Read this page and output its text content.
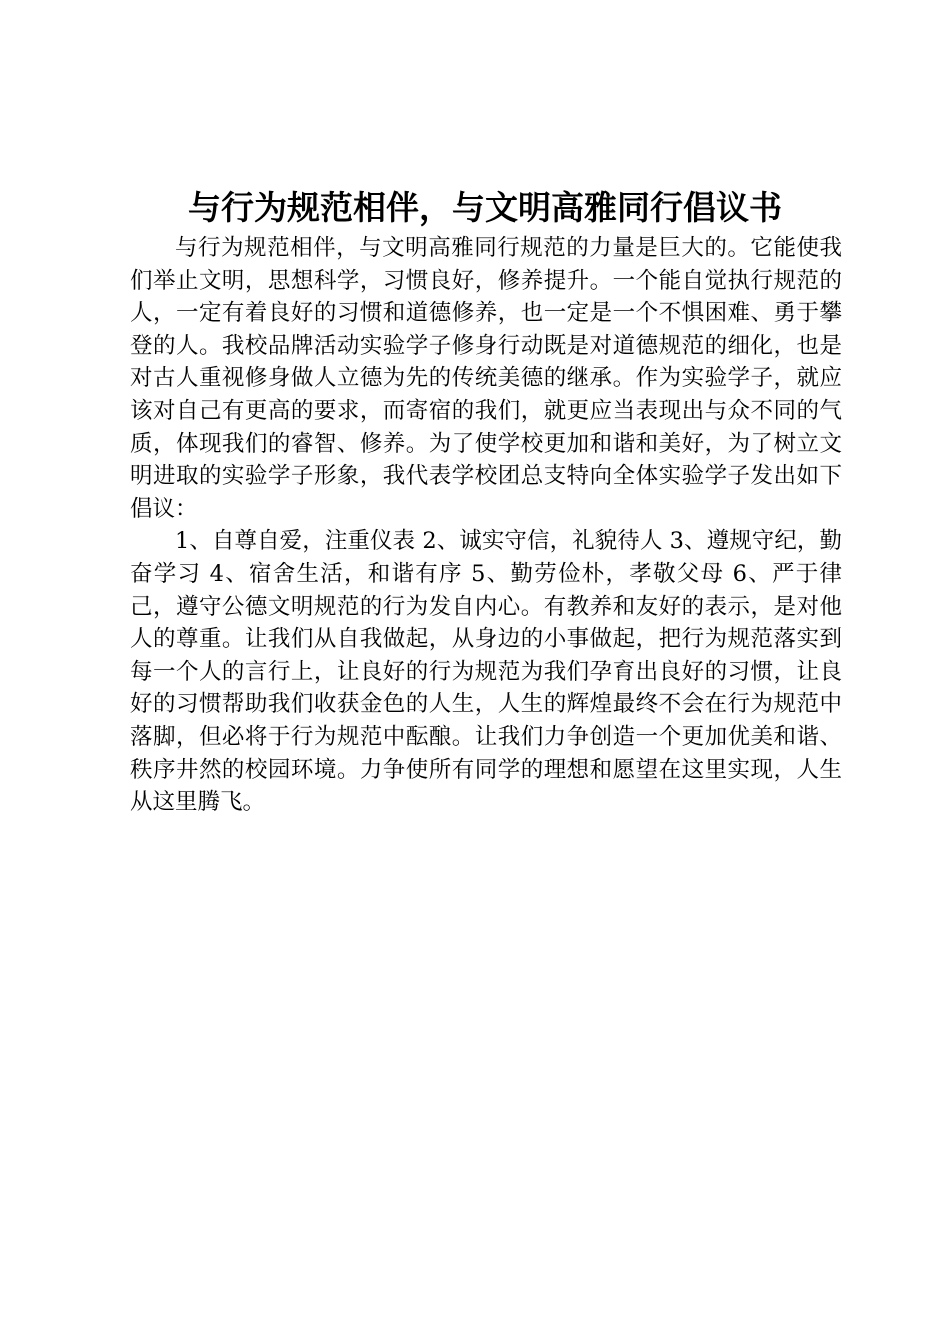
与行为规范相伴，与文明高雅同行倡议书

与行为规范相伴，与文明高雅同行规范的力量是巨大的。它能使我们举止文明，思想科学，习惯良好，修养提升。一个能自觉执行规范的人，一定有着良好的习惯和道德修养，也一定是一个不惧困难、勇于攀登的人。我校品牌活动实验学子修身行动既是对道德规范的细化，也是对古人重视修身做人立德为先的传统美德的继承。作为实验学子，就应该对自己有更高的要求，而寄宿的我们，就更应当表现出与众不同的气质，体现我们的睿智、修养。为了使学校更加和谐和美好，为了树立文明进取的实验学子形象，我代表学校团总支特向全体实验学子发出如下倡议：

1、自尊自爱，注重仪表 2、诚实守信，礼貌待人 3、遵规守纪，勤奋学习 4、宿舍生活，和谐有序 5、勤劳俭朴，孝敬父母 6、严于律己，遵守公德文明规范的行为发自内心。有教养和友好的表示，是对他人的尊重。让我们从自我做起，从身边的小事做起，把行为规范落实到每一个人的言行上，让良好的行为规范为我们孕育出良好的习惯，让良好的习惯帮助我们收获金色的人生，人生的辉煌最终不会在行为规范中落脚，但必将于行为规范中酝酿。让我们力争创造一个更加优美和谐、秩序井然的校园环境。力争使所有同学的理想和愿望在这里实现，人生从这里腾飞。
